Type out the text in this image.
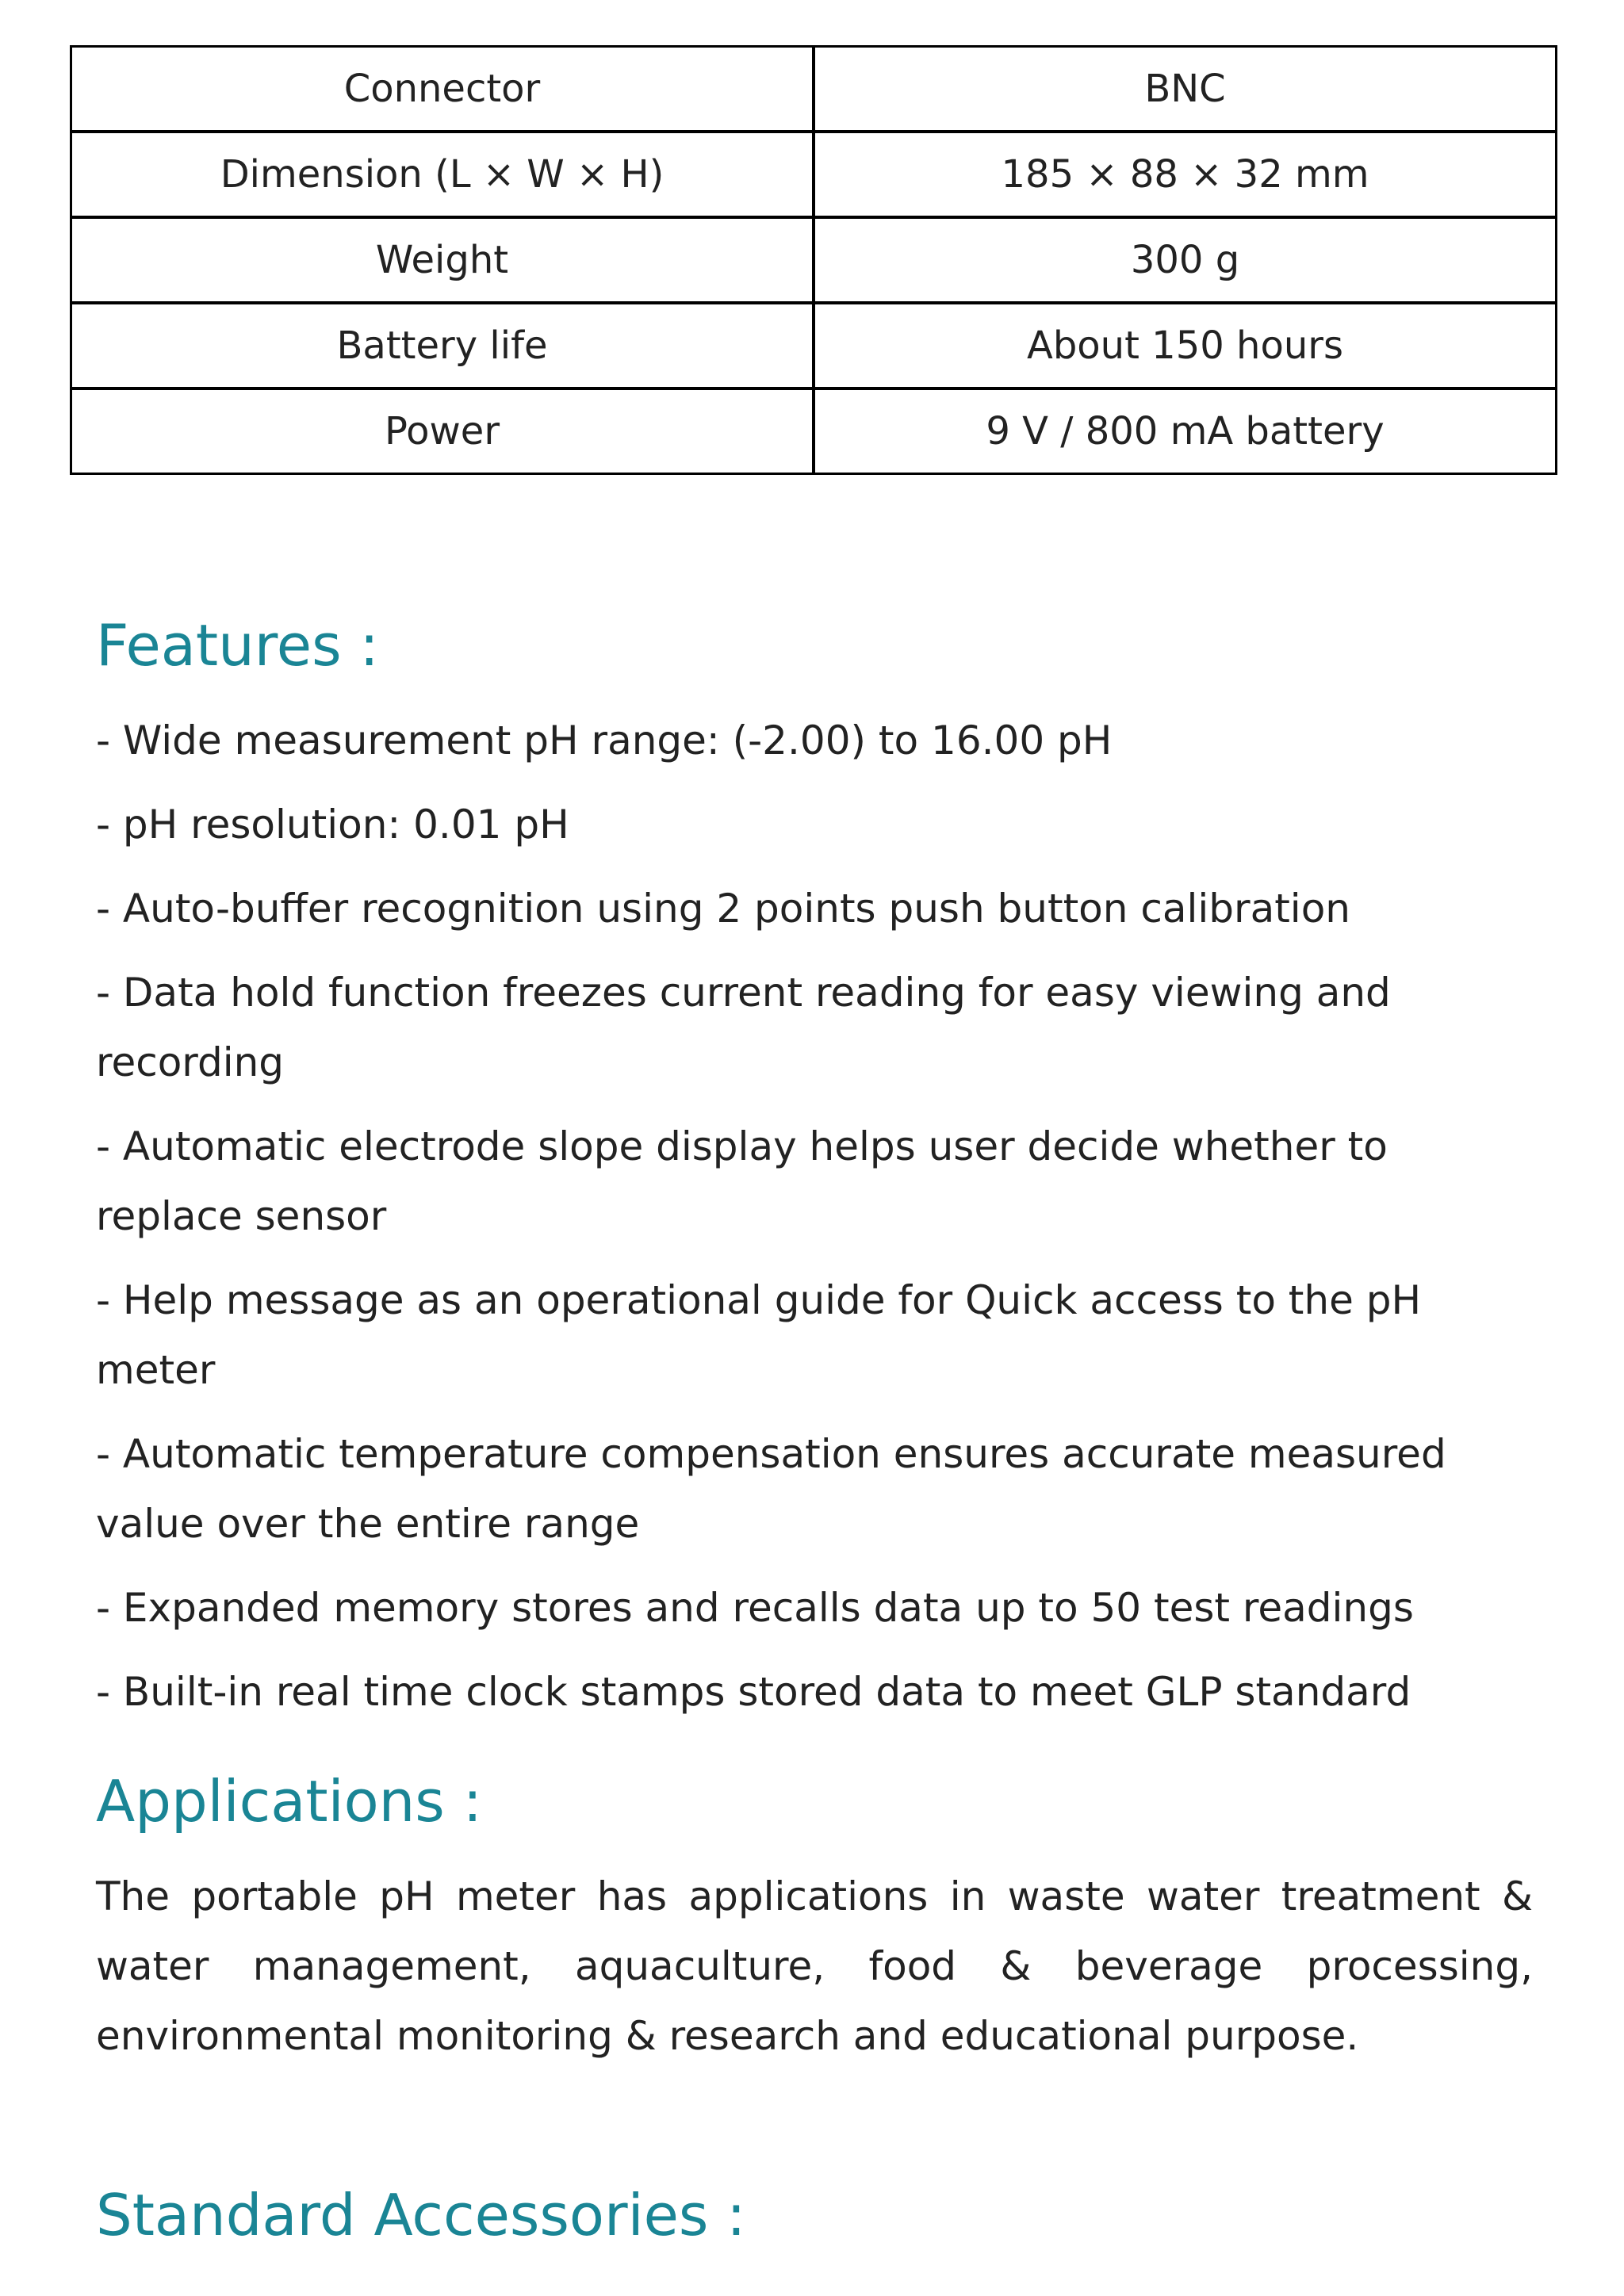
Connector	BNC
Dimension (L × W × H)	185 × 88 × 32 mm
Weight	300 g
Battery life	About 150 hours
Power	9 V / 800 mA battery
Features :
- Wide measurement pH range: (-2.00) to 16.00 pH
- pH resolution: 0.01 pH
- Auto-buffer recognition using 2 points push button calibration
- Data hold function freezes current reading for easy viewing and recording
- Automatic electrode slope display helps user decide whether to replace sensor
- Help message as an operational guide for Quick access to the pH meter
- Automatic temperature compensation ensures accurate measured value over the entire range
- Expanded memory stores and recalls data up to 50 test readings
- Built-in real time clock stamps stored data to meet GLP standard
Applications :

The portable pH meter has applications in waste water treatment & water management, aquaculture, food & beverage processing, environmental monitoring & research and educational purpose.

Standard Accessories :
